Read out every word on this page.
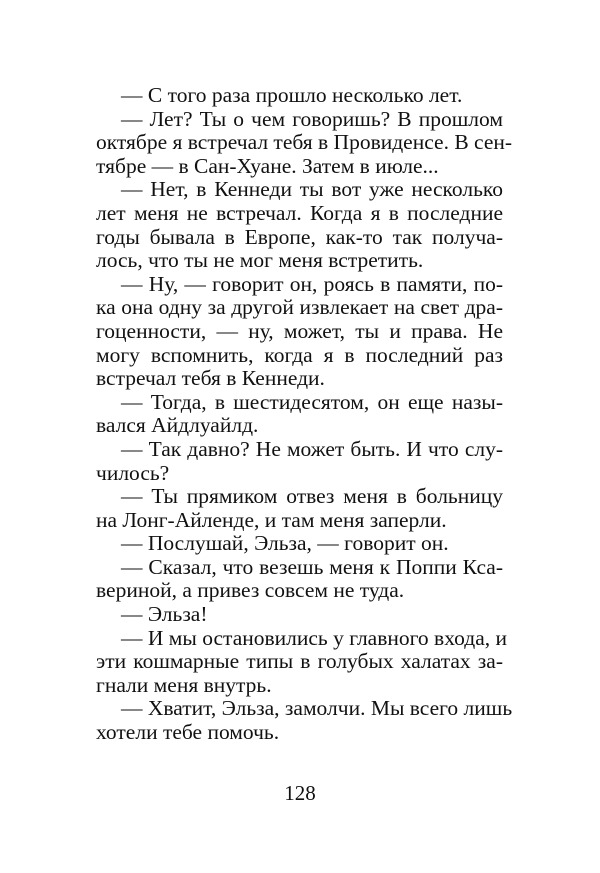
— С того раза прошло несколько лет.
— Лет? Ты о чем говоришь? В прошлом
октябре я встречал тебя в Провиденсе. В сен-
тябре — в Сан-Хуане. Затем в июле...
— Нет, в Кеннеди ты вот уже несколько
лет меня не встречал. Когда я в последние
годы бывала в Европе, как-то так получа-
лось, что ты не мог меня встретить.
— Ну, — говорит он, роясь в памяти, по-
ка она одну за другой извлекает на свет дра-
гоценности, — ну, может, ты и права. Не
могу вспомнить, когда я в последний раз
встречал тебя в Кеннеди.
— Тогда, в шестидесятом, он еще назы-
вался Айдлуайлд.
— Так давно? Не может быть. И что слу-
чилось?
— Ты прямиком отвез меня в больницу
на Лонг-Айленде, и там меня заперли.
— Послушай, Эльза, — говорит он.
— Сказал, что везешь меня к Поппи Кса-
вериной, а привез совсем не туда.
— Эльза!
— И мы остановились у главного входа, и
эти кошмарные типы в голубых халатах за-
гнали меня внутрь.
— Хватит, Эльза, замолчи. Мы всего лишь
хотели тебе помочь.
128
